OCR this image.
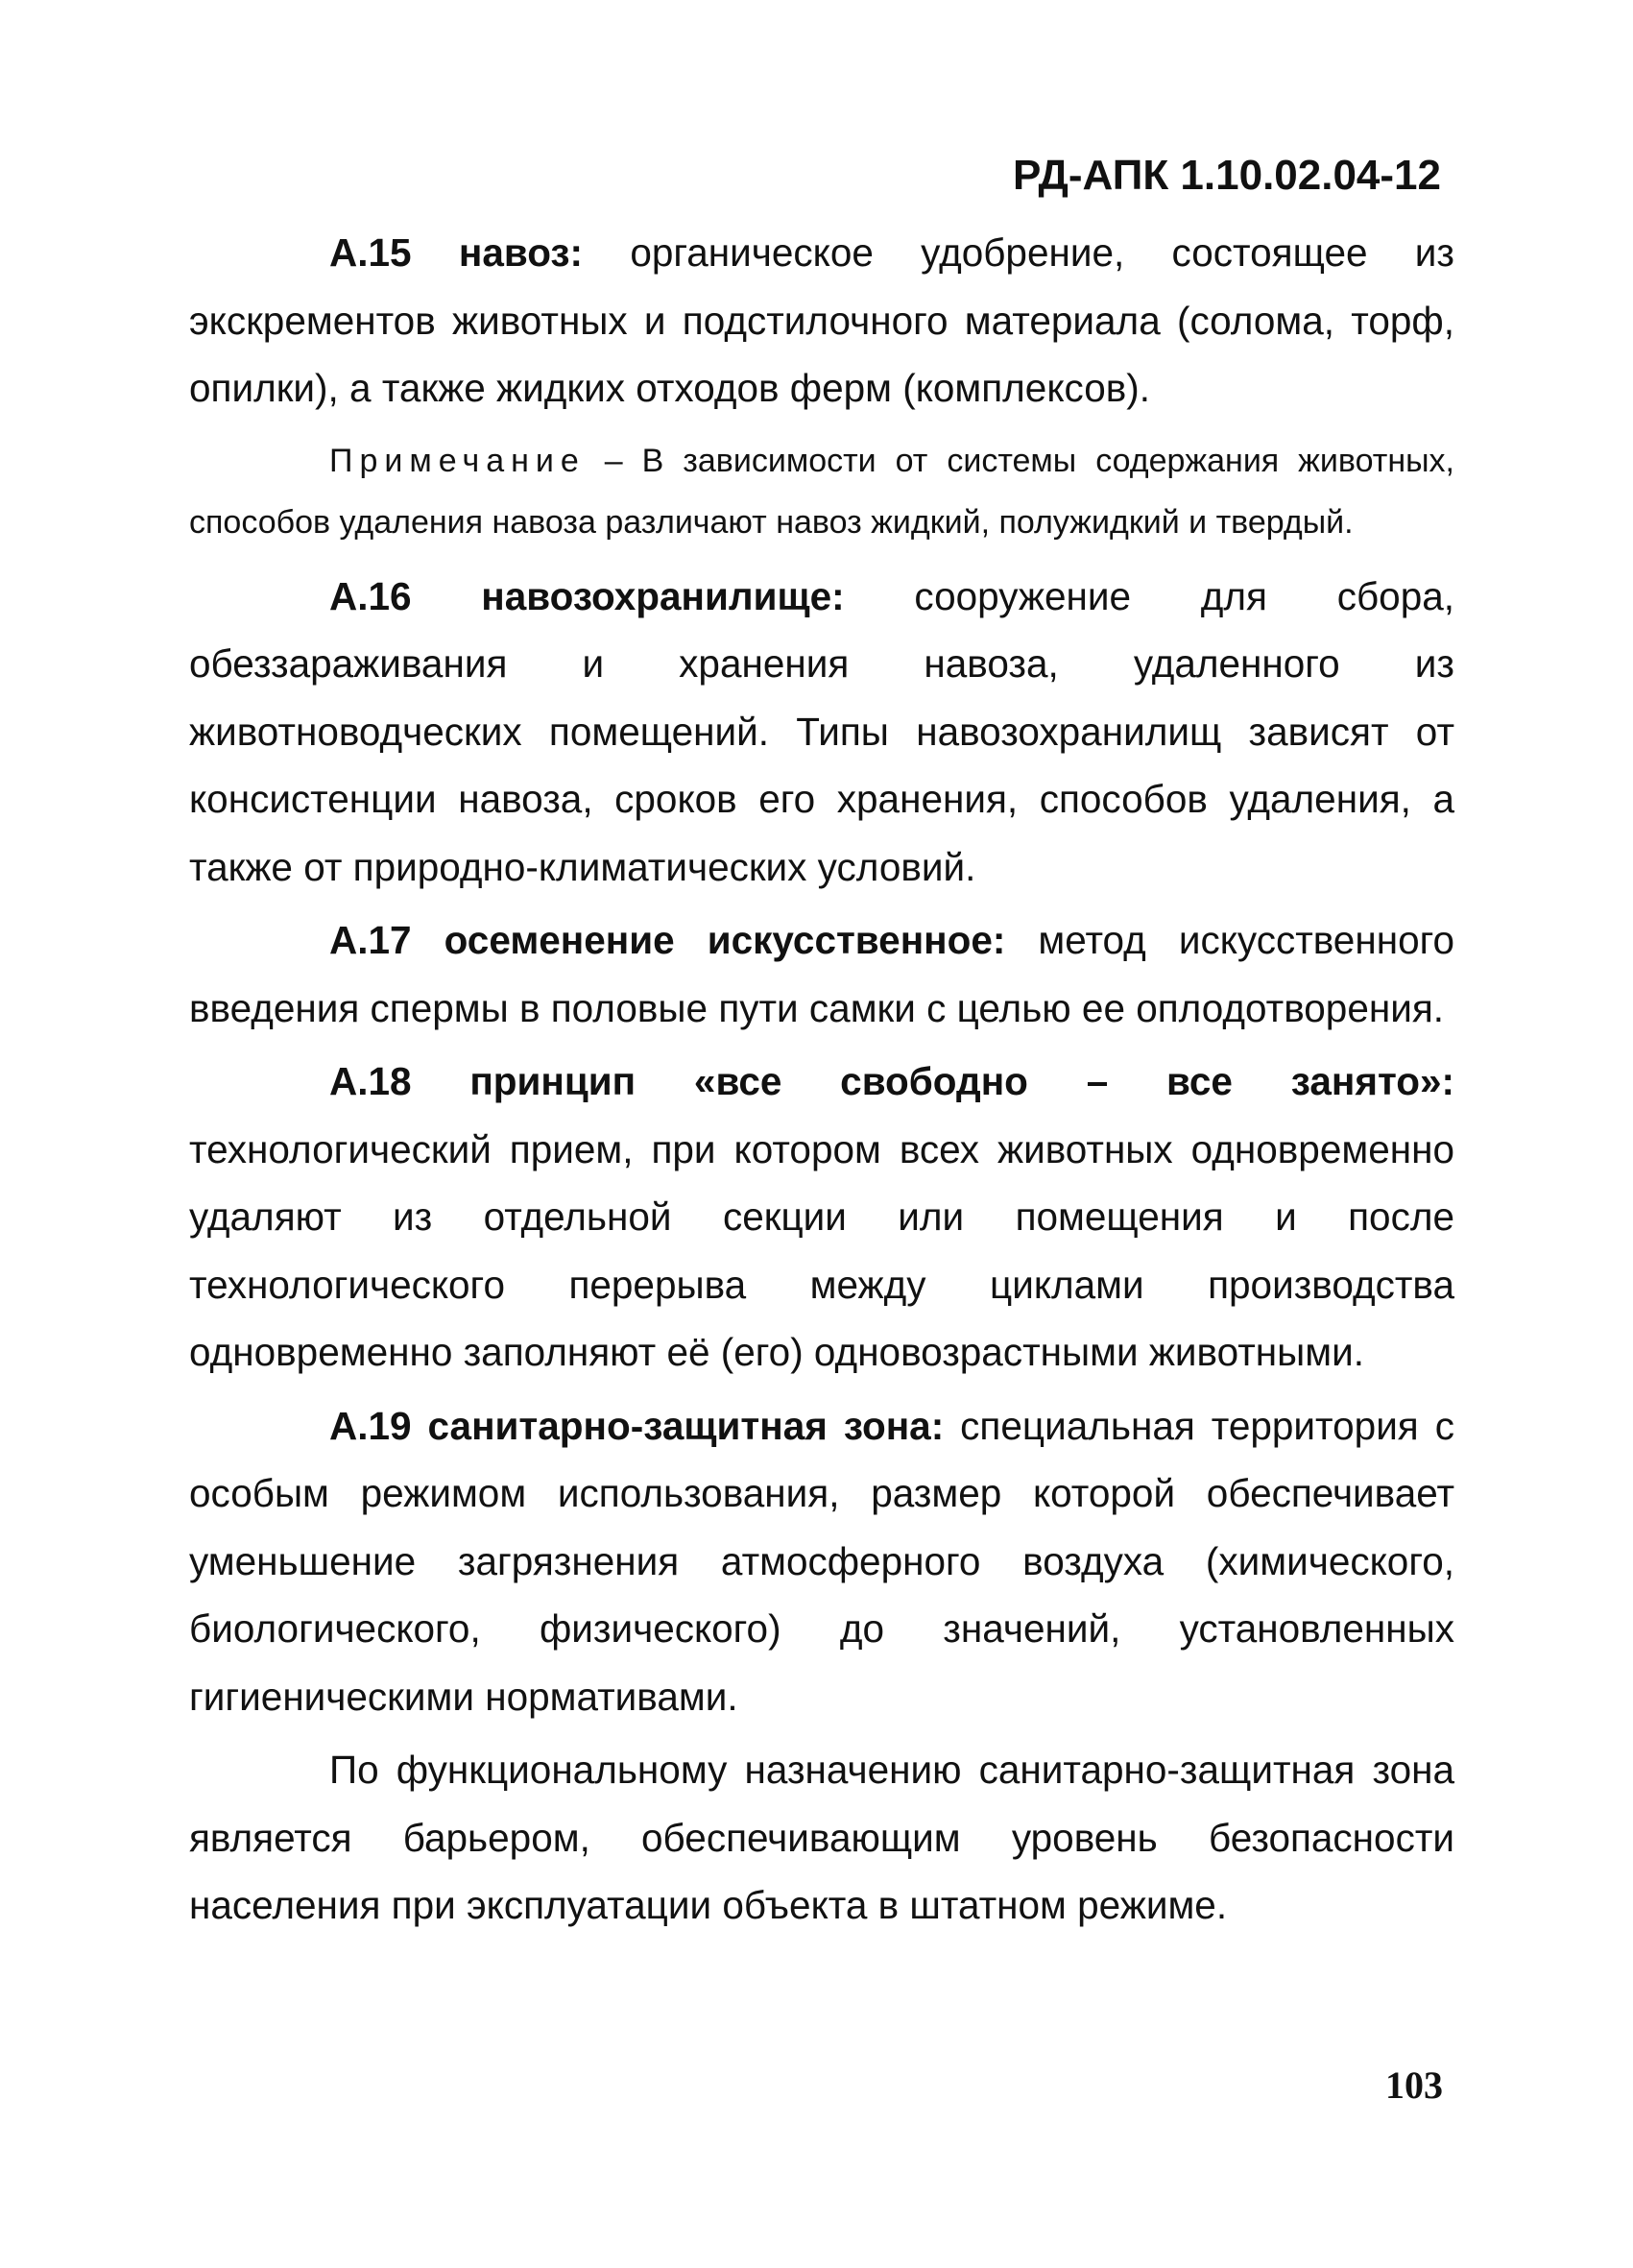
РД-АПК 1.10.02.04-12

А.15 навоз: органическое удобрение, состоящее из экскрементов животных и подстилочного материала (солома, торф, опилки), а также жидких отходов ферм (комплексов).

Примечание – В зависимости от системы содержания животных, способов удаления навоза различают навоз жидкий, полужидкий и твердый.

А.16 навозохранилище: сооружение для сбора, обеззараживания и хранения навоза, удаленного из животноводческих помещений. Типы навозохранилищ зависят от консистенции навоза, сроков его хранения, способов удаления, а также от природно-климатических условий.

А.17 осеменение искусственное: метод искусственного введения спермы в половые пути самки с целью ее оплодотворения.

А.18 принцип «все свободно – все занято»: технологический прием, при котором всех животных одновременно удаляют из отдельной секции или помещения и после технологического перерыва между циклами производства одновременно заполняют её (его) одновозрастными животными.

А.19 санитарно-защитная зона: специальная территория с особым режимом использования, размер которой обеспечивает уменьшение загрязнения атмосферного воздуха (химического, биологического, физического) до значений, установленных гигиеническими нормативами.

По функциональному назначению санитарно-защитная зона является барьером, обеспечивающим уровень безопасности населения при эксплуатации объекта в штатном режиме.

103
